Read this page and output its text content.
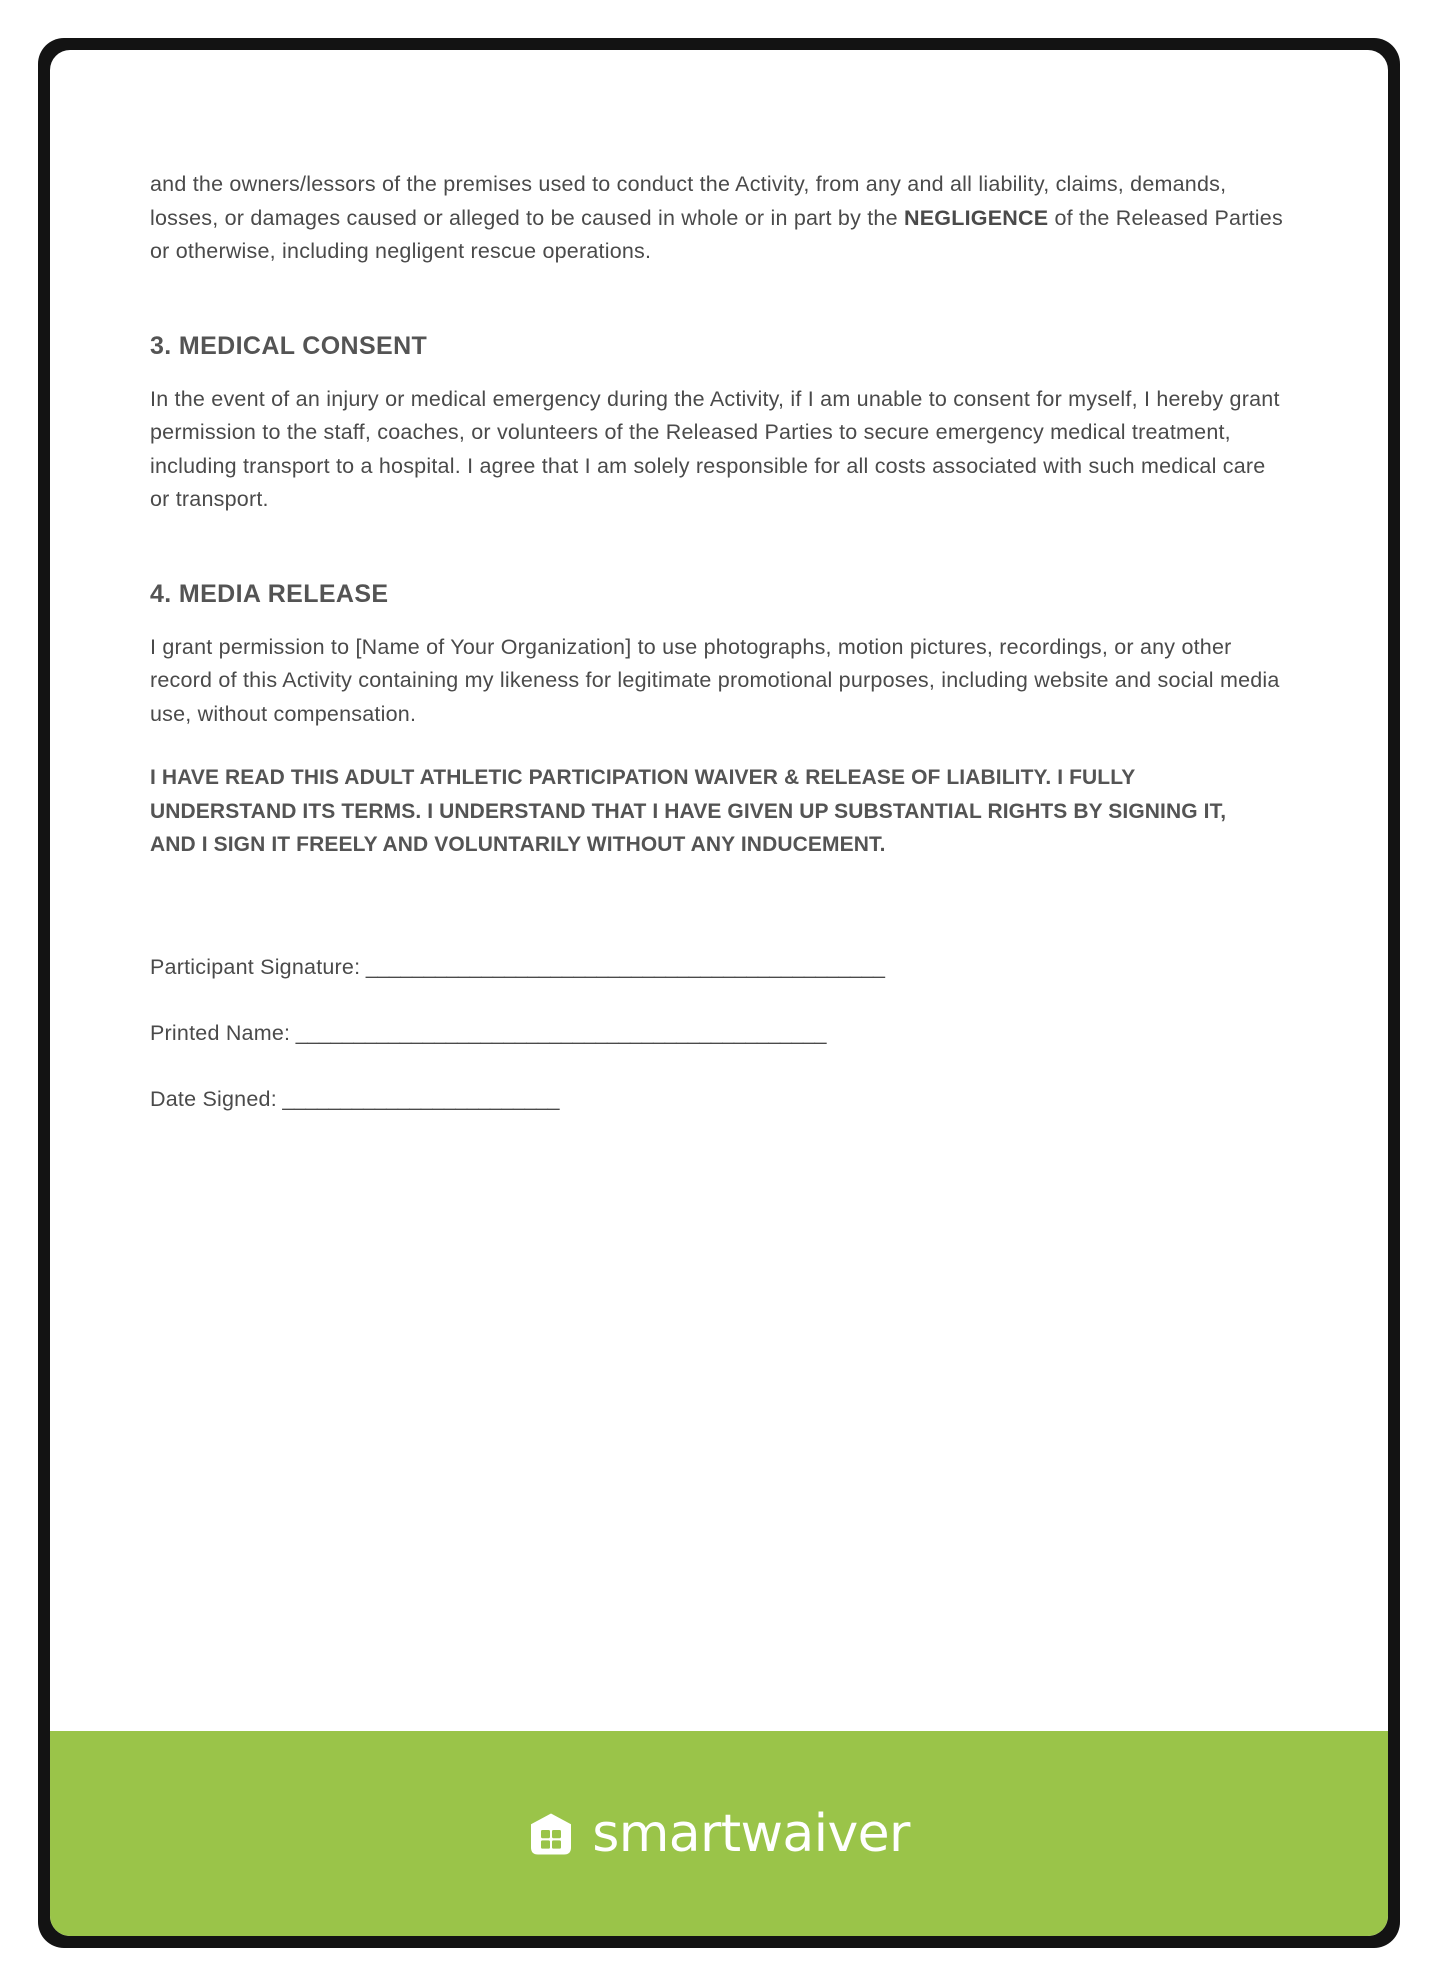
and the owners/lessors of the premises used to conduct the Activity, from any and all liability, claims, demands, losses, or damages caused or alleged to be caused in whole or in part by the NEGLIGENCE of the Released Parties or otherwise, including negligent rescue operations.

3. MEDICAL CONSENT

In the event of an injury or medical emergency during the Activity, if I am unable to consent for myself, I hereby grant permission to the staff, coaches, or volunteers of the Released Parties to secure emergency medical treatment, including transport to a hospital. I agree that I am solely responsible for all costs associated with such medical care or transport.

4. MEDIA RELEASE

I grant permission to [Name of Your Organization] to use photographs, motion pictures, recordings, or any other record of this Activity containing my likeness for legitimate promotional purposes, including website and social media use, without compensation.

I HAVE READ THIS ADULT ATHLETIC PARTICIPATION WAIVER & RELEASE OF LIABILITY. I FULLY UNDERSTAND ITS TERMS. I UNDERSTAND THAT I HAVE GIVEN UP SUBSTANTIAL RIGHTS BY SIGNING IT, AND I SIGN IT FREELY AND VOLUNTARILY WITHOUT ANY INDUCEMENT.

Participant Signature: _____________________________________________

Printed Name: ______________________________________________

Date Signed: ________________________

smartwaiver
